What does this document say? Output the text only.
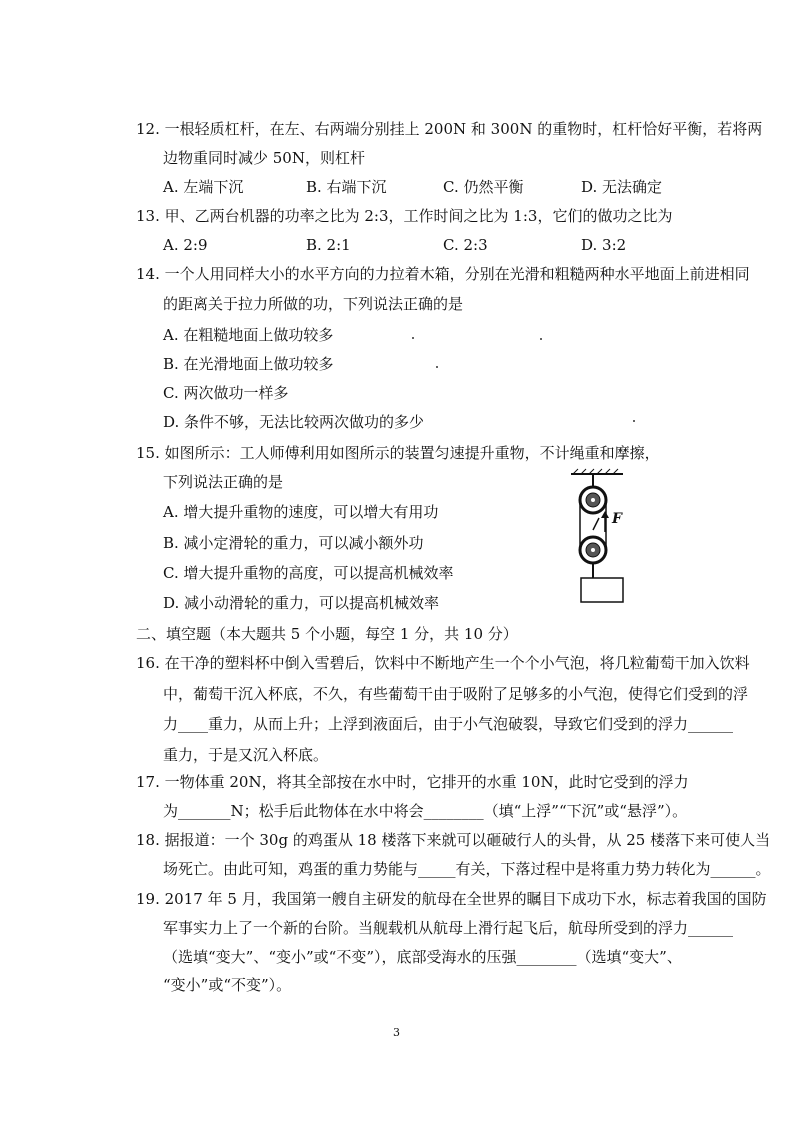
12. 一根轻质杠杆，在左、右两端分别挂上 200N 和 300N 的重物时，杠杆恰好平衡，若将两
边物重同时减少 50N，则杠杆
A. 左端下沉	B. 右端下沉	C. 仍然平衡	D. 无法确定
13. 甲、乙两台机器的功率之比为 2:3，工作时间之比为 1:3，它们的做功之比为
A. 2:9	B. 2:1	C. 2:3	D. 3:2
14. 一个人用同样大小的水平方向的力拉着木箱，分别在光滑和粗糙两种水平地面上前进相同
的距离关于拉力所做的功，下列说法正确的是
A. 在粗糙地面上做功较多
B. 在光滑地面上做功较多
C. 两次做功一样多
D. 条件不够，无法比较两次做功的多少
15. 如图所示：工人师傅利用如图所示的装置匀速提升重物，不计绳重和摩擦，
下列说法正确的是
A. 增大提升重物的速度，可以增大有用功
B. 减小定滑轮的重力，可以减小额外功
C. 增大提升重物的高度，可以提高机械效率
D. 减小动滑轮的重力，可以提高机械效率
F
二、填空题（本大题共 5 个小题，每空 1 分，共 10 分）
16. 在干净的塑料杯中倒入雪碧后，饮料中不断地产生一个个小气泡，将几粒葡萄干加入饮料
中，葡萄干沉入杯底，不久，有些葡萄干由于吸附了足够多的小气泡，使得它们受到的浮
力____重力，从而上升；上浮到液面后，由于小气泡破裂，导致它们受到的浮力______
重力，于是又沉入杯底。
17. 一物体重 20N，将其全部按在水中时，它排开的水重 10N，此时它受到的浮力
为_______N；松手后此物体在水中将会________（填“上浮”“下沉”或“悬浮”）。
18. 据报道：一个 30g 的鸡蛋从 18 楼落下来就可以砸破行人的头骨，从 25 楼落下来可使人当
场死亡。由此可知，鸡蛋的重力势能与_____有关，下落过程中是将重力势力转化为______。
19. 2017 年 5 月，我国第一艘自主研发的航母在全世界的瞩目下成功下水，标志着我国的国防
军事实力上了一个新的台阶。当舰载机从航母上滑行起飞后，航母所受到的浮力______
（选填“变大”、“变小”或“不变”），底部受海水的压强________（选填“变大”、
“变小”或“不变”）。
3
